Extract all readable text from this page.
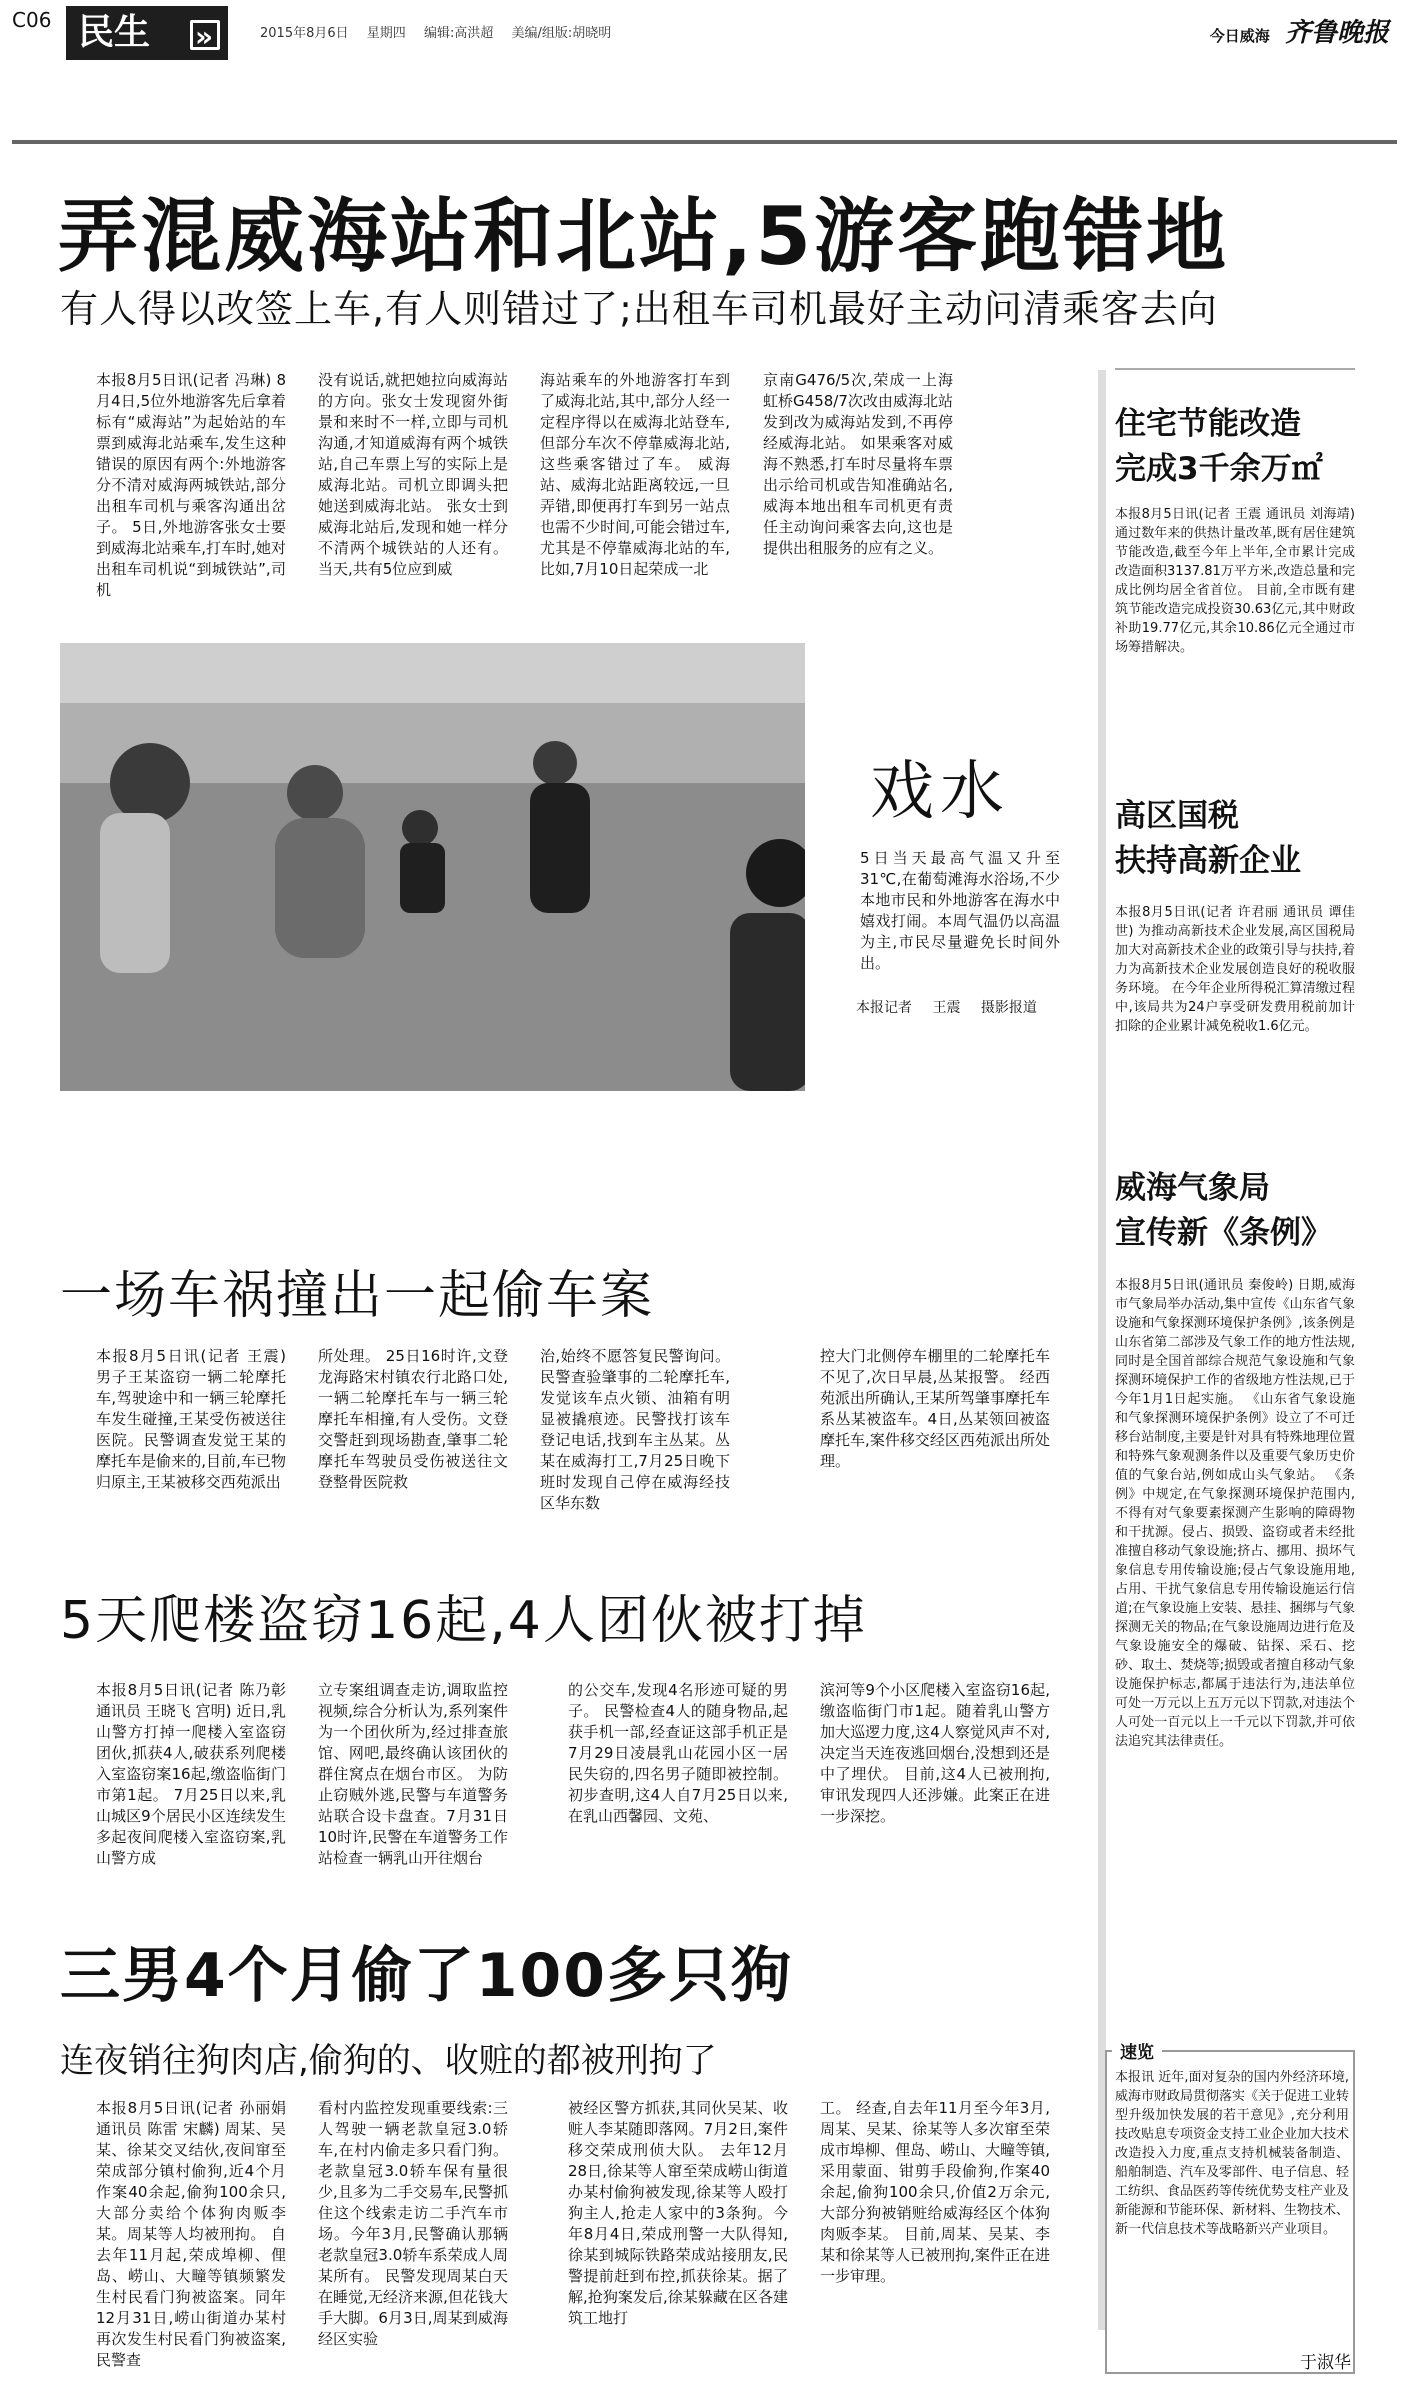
C06 民生
»	2015年8月6日 星期四 编辑:高洪超 美编/组版:胡晓明	今日威海 齐鲁晚报
弄混威海站和北站,5游客跑错地
有人得以改签上车,有人则错过了;出租车司机最好主动问清乘客去向
本报8月5日讯(记者 冯琳) 8月4日,5位外地游客先后拿着标有“威海站”为起始站的车票到威海北站乘车,发生这种错误的原因有两个:外地游客分不清对威海两城铁站,部分出租车司机与乘客沟通出岔子。 5日,外地游客张女士要到威海北站乘车,打车时,她对出租车司机说“到城铁站”,司机
没有说话,就把她拉向威海站的方向。张女士发现窗外街景和来时不一样,立即与司机沟通,才知道威海有两个城铁站,自己车票上写的实际上是威海北站。司机立即调头把她送到威海北站。 张女士到威海北站后,发现和她一样分不清两个城铁站的人还有。当天,共有5位应到威
海站乘车的外地游客打车到了威海北站,其中,部分人经一定程序得以在威海北站登车,但部分车次不停靠威海北站,这些乘客错过了车。 威海站、威海北站距离较远,一旦弄错,即便再打车到另一站点也需不少时间,可能会错过车,尤其是不停靠威海北站的车,比如,7月10日起荣成一北
京南G476/5次,荣成一上海虹桥G458/7次改由威海北站发到改为威海站发到,不再停经威海北站。 如果乘客对威海不熟悉,打车时尽量将车票出示给司机或告知准确站名,威海本地出租车司机更有责任主动询问乘客去向,这也是提供出租服务的应有之义。
戏水
5日当天最高气温又升至31℃,在葡萄滩海水浴场,不少本地市民和外地游客在海水中嬉戏打闹。本周气温仍以高温为主,市民尽量避免长时间外出。
本报记者 王震 摄影报道
一场车祸撞出一起偷车案
本报8月5日讯(记者 王震) 男子王某盗窃一辆二轮摩托车,驾驶途中和一辆三轮摩托车发生碰撞,王某受伤被送往医院。民警调查发觉王某的摩托车是偷来的,目前,车已物归原主,王某被移交西苑派出
所处理。 25日16时许,文登龙海路宋村镇农行北路口处,一辆二轮摩托车与一辆三轮摩托车相撞,有人受伤。文登交警赶到现场勘查,肇事二轮摩托车驾驶员受伤被送往文登整骨医院救
治,始终不愿答复民警询问。 民警查验肇事的二轮摩托车,发觉该车点火锁、油箱有明显被撬痕迹。民警找打该车登记电话,找到车主丛某。丛某在威海打工,7月25日晚下班时发现自己停在威海经技区华东数
控大门北侧停车棚里的二轮摩托车不见了,次日早晨,丛某报警。 经西苑派出所确认,王某所驾肇事摩托车系丛某被盗车。4日,丛某领回被盗摩托车,案件移交经区西苑派出所处理。
5天爬楼盗窃16起,4人团伙被打掉
本报8月5日讯(记者 陈乃彰 通讯员 王晓飞 宫明) 近日,乳山警方打掉一爬楼入室盗窃团伙,抓获4人,破获系列爬楼入室盗窃案16起,缴盗临街门市第1起。 7月25日以来,乳山城区9个居民小区连续发生多起夜间爬楼入室盗窃案,乳山警方成
立专案组调查走访,调取监控视频,综合分析认为,系列案件为一个团伙所为,经过排查旅馆、网吧,最终确认该团伙的群住窝点在烟台市区。 为防止窃贼外逃,民警与车道警务站联合设卡盘查。7月31日10时许,民警在车道警务工作站检查一辆乳山开往烟台
的公交车,发现4名形迹可疑的男子。 民警检查4人的随身物品,起获手机一部,经查证这部手机正是7月29日凌晨乳山花园小区一居民失窃的,四名男子随即被控制。 初步查明,这4人自7月25日以来,在乳山西馨园、文苑、
滨河等9个小区爬楼入室盗窃16起,缴盗临街门市1起。随着乳山警方加大巡逻力度,这4人察觉风声不对,决定当天连夜逃回烟台,没想到还是中了埋伏。 目前,这4人已被刑拘,审讯发现四人还涉嫌。此案正在进一步深挖。
三男4个月偷了100多只狗
连夜销往狗肉店,偷狗的、收赃的都被刑拘了
本报8月5日讯(记者 孙丽娟 通讯员 陈雷 宋麟) 周某、吴某、徐某交叉结伙,夜间窜至荣成部分镇村偷狗,近4个月作案40余起,偷狗100余只,大部分卖给个体狗肉贩李某。周某等人均被刑拘。 自去年11月起,荣成埠柳、俚岛、崂山、大疃等镇频繁发生村民看门狗被盗案。同年12月31日,崂山街道办某村再次发生村民看门狗被盗案,民警查
看村内监控发现重要线索:三人驾驶一辆老款皇冠3.0轿车,在村内偷走多只看门狗。 老款皇冠3.0轿车保有量很少,且多为二手交易车,民警抓住这个线索走访二手汽车市场。今年3月,民警确认那辆老款皇冠3.0轿车系荣成人周某所有。 民警发现周某白天在睡觉,无经济来源,但花钱大手大脚。6月3日,周某到威海经区实验
被经区警方抓获,其同伙吴某、收赃人李某随即落网。7月2日,案件移交荣成刑侦大队。 去年12月28日,徐某等人窜至荣成崂山街道办某村偷狗被发现,徐某等人殴打狗主人,抢走人家中的3条狗。今年8月4日,荣成刑警一大队得知,徐某到城际铁路荣成站接朋友,民警提前赶到布控,抓获徐某。据了解,抢狗案发后,徐某躲藏在区各建筑工地打
工。 经查,自去年11月至今年3月,周某、吴某、徐某等人多次窜至荣成市埠柳、俚岛、崂山、大疃等镇,采用蒙面、钳剪手段偷狗,作案40余起,偷狗100余只,价值2万余元,大部分狗被销赃给威海经区个体狗肉贩李某。 目前,周某、吴某、李某和徐某等人已被刑拘,案件正在进一步审理。
住宅节能改造
完成3千余万㎡
本报8月5日讯(记者 王震 通讯员 刘海靖) 通过数年来的供热计量改革,既有居住建筑节能改造,截至今年上半年,全市累计完成改造面积3137.81万平方米,改造总量和完成比例均居全省首位。 目前,全市既有建筑节能改造完成投资30.63亿元,其中财政补助19.77亿元,其余10.86亿元全通过市场筹措解决。
高区国税
扶持高新企业
本报8月5日讯(记者 许君丽 通讯员 谭佳世) 为推动高新技术企业发展,高区国税局加大对高新技术企业的政策引导与扶持,着力为高新技术企业发展创造良好的税收服务环境。 在今年企业所得税汇算清缴过程中,该局共为24户享受研发费用税前加计扣除的企业累计减免税收1.6亿元。
威海气象局
宣传新《条例》
本报8月5日讯(通讯员 秦俊岭) 日期,威海市气象局举办活动,集中宣传《山东省气象设施和气象探测环境保护条例》,该条例是山东省第二部涉及气象工作的地方性法规,同时是全国首部综合规范气象设施和气象探测环境保护工作的省级地方性法规,已于今年1月1日起实施。 《山东省气象设施和气象探测环境保护条例》设立了不可迁移台站制度,主要是针对具有特殊地理位置和特殊气象观测条件以及重要气象历史价值的气象台站,例如成山头气象站。 《条例》中规定,在气象探测环境保护范围内,不得有对气象要素探测产生影响的障碍物和干扰源。侵占、损毁、盗窃或者未经批准擅自移动气象设施;挤占、挪用、损坏气象信息专用传输设施;侵占气象设施用地,占用、干扰气象信息专用传输设施运行信道;在气象设施上安装、悬挂、捆绑与气象探测无关的物品;在气象设施周边进行危及气象设施安全的爆破、钻探、采石、挖砂、取土、焚烧等;损毁或者擅自移动气象设施保护标志,都属于违法行为,违法单位可处一万元以上五万元以下罚款,对违法个人可处一百元以上一千元以下罚款,并可依法追究其法律责任。
速览
本报讯 近年,面对复杂的国内外经济环境,威海市财政局贯彻落实《关于促进工业转型升级加快发展的若干意见》,充分利用技改贴息专项资金支持工业企业加大技术改造投入力度,重点支持机械装备制造、船舶制造、汽车及零部件、电子信息、轻工纺织、食品医药等传统优势支柱产业及新能源和节能环保、新材料、生物技术、新一代信息技术等战略新兴产业项目。
于淑华
